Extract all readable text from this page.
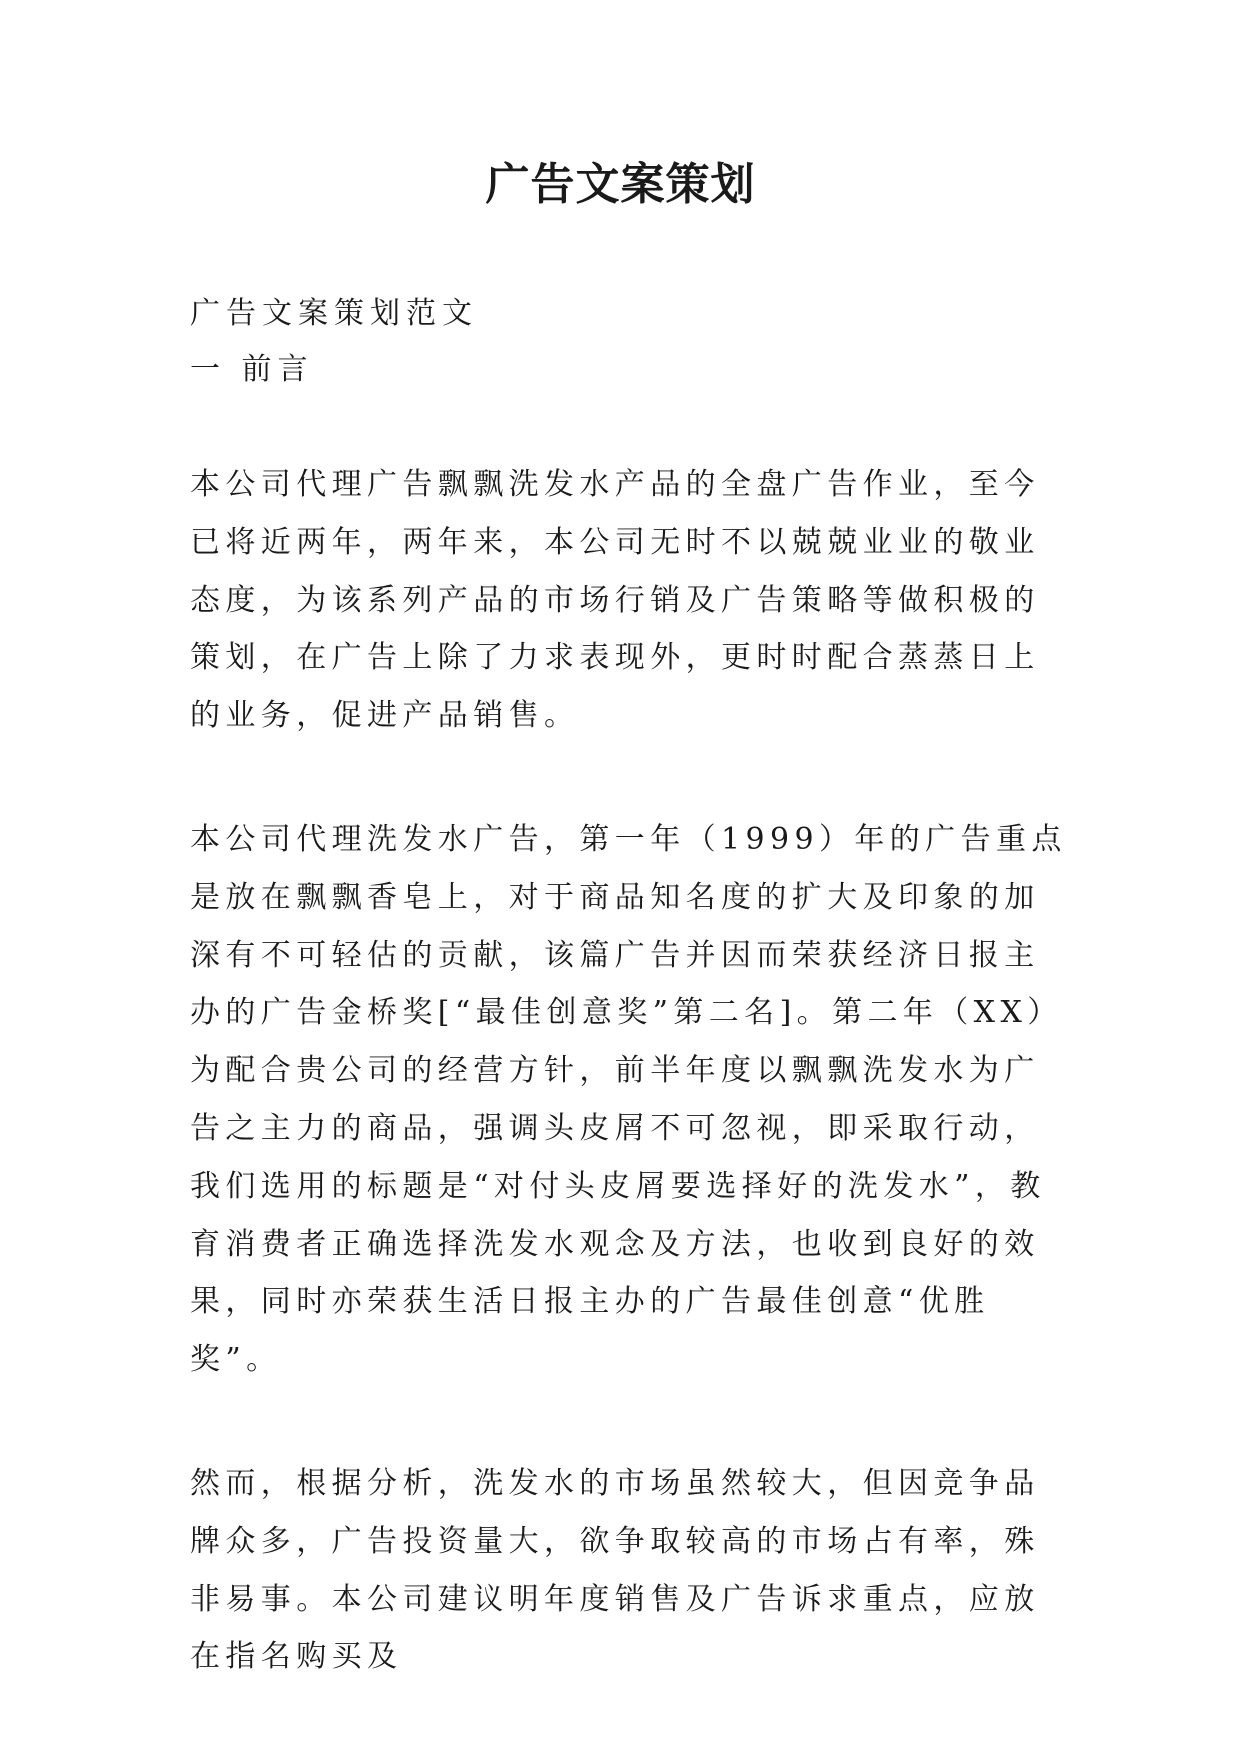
广告文案策划

广告文案策划范文

一 前言

本公司代理广告飘飘洗发水产品的全盘广告作业，至今已将近两年，两年来，本公司无时不以兢兢业业的敬业态度，为该系列产品的市场行销及广告策略等做积极的策划，在广告上除了力求表现外，更时时配合蒸蒸日上的业务，促进产品销售。

本公司代理洗发水广告，第一年（1999）年的广告重点是放在飘飘香皂上，对于商品知名度的扩大及印象的加深有不可轻估的贡献，该篇广告并因而荣获经济日报主办的广告金桥奖[“最佳创意奖”第二名]。第二年（XX）为配合贵公司的经营方针，前半年度以飘飘洗发水为广告之主力的商品，强调头皮屑不可忽视，即采取行动，我们选用的标题是“对付头皮屑要选择好的洗发水”，教育消费者正确选择洗发水观念及方法，也收到良好的效果，同时亦荣获生活日报主办的广告最佳创意“优胜奖”。

然而，根据分析，洗发水的市场虽然较大，但因竞争品牌众多，广告投资量大，欲争取较高的市场占有率，殊非易事。本公司建议明年度销售及广告诉求重点，应放在指名购买及
